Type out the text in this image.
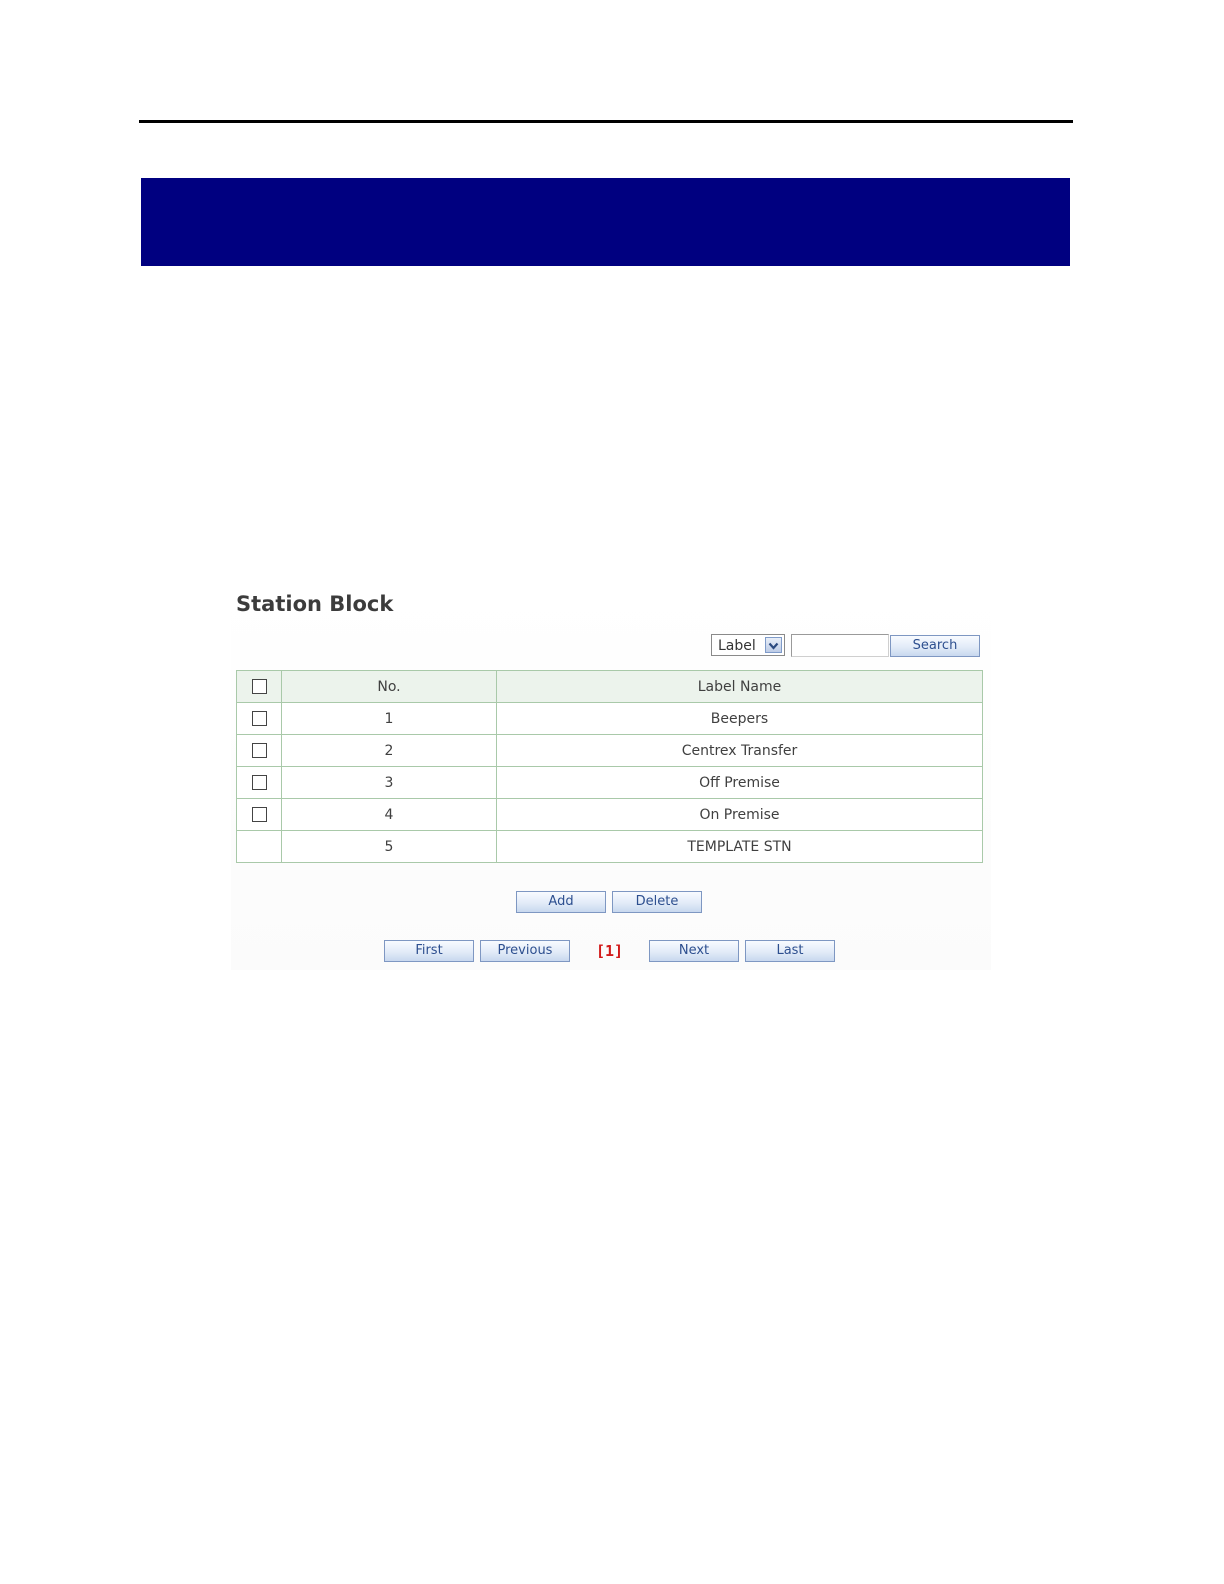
Station Block
Label	Search
	No.	Label Name
	1	Beepers
	2	Centrex Transfer
	3	Off Premise
	4	On Premise
	5	TEMPLATE STN
Add	Delete
First	Previous	[1]	Next	Last
